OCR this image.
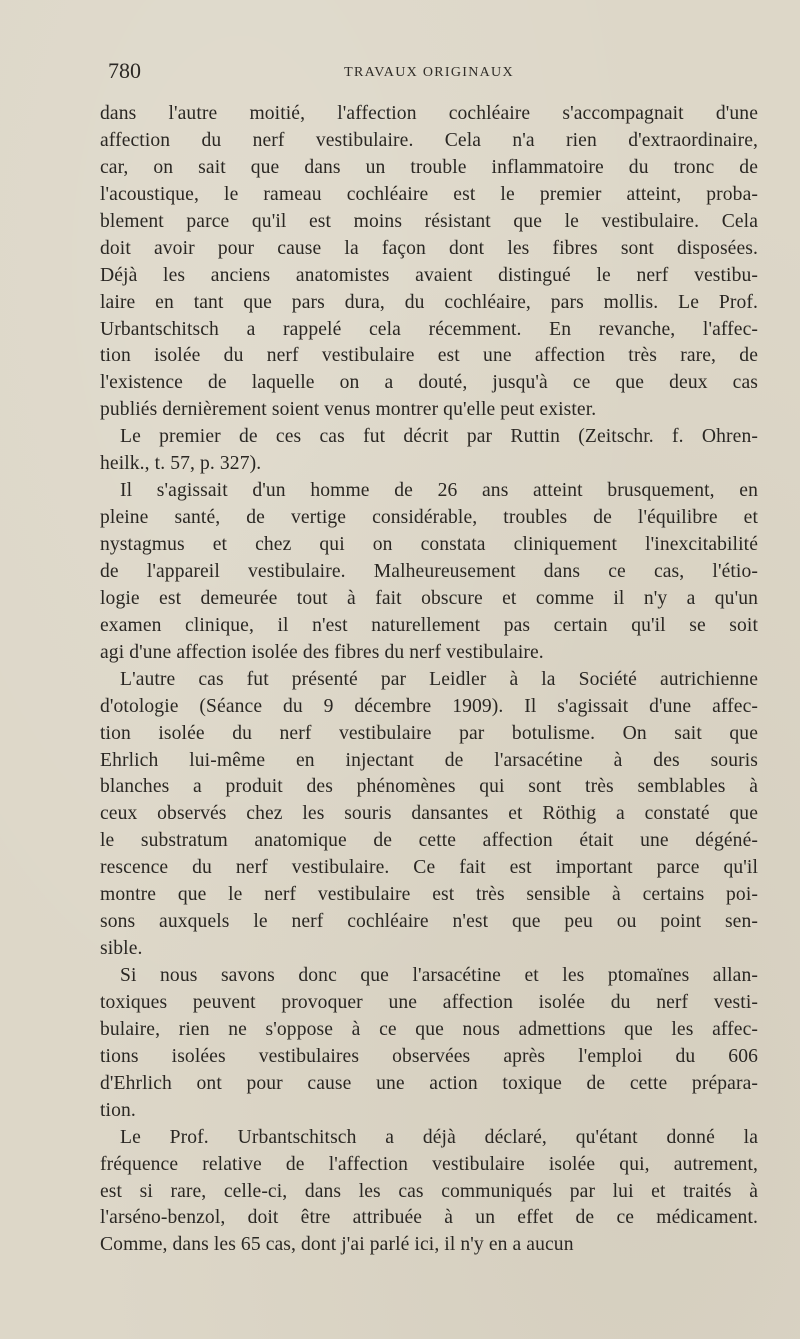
780	TRAVAUX ORIGINAUX

dans l'autre moitié, l'affection cochléaire s'accompagnait d'une
affection du nerf vestibulaire. Cela n'a rien d'extraordinaire,
car, on sait que dans un trouble inflammatoire du tronc de
l'acoustique, le rameau cochléaire est le premier atteint, proba-
blement parce qu'il est moins résistant que le vestibulaire. Cela
doit avoir pour cause la façon dont les fibres sont disposées.
Déjà les anciens anatomistes avaient distingué le nerf vestibu-
laire en tant que pars dura, du cochléaire, pars mollis. Le Prof.
Urbantschitsch a rappelé cela récemment. En revanche, l'affec-
tion isolée du nerf vestibulaire est une affection très rare, de
l'existence de laquelle on a douté, jusqu'à ce que deux cas
publiés dernièrement soient venus montrer qu'elle peut exister.

Le premier de ces cas fut décrit par Ruttin (Zeitschr. f. Ohren-
heilk., t. 57, p. 327).

Il s'agissait d'un homme de 26 ans atteint brusquement, en
pleine santé, de vertige considérable, troubles de l'équilibre et
nystagmus et chez qui on constata cliniquement l'inexcitabilité
de l'appareil vestibulaire. Malheureusement dans ce cas, l'étio-
logie est demeurée tout à fait obscure et comme il n'y a qu'un
examen clinique, il n'est naturellement pas certain qu'il se soit
agi d'une affection isolée des fibres du nerf vestibulaire.

L'autre cas fut présenté par Leidler à la Société autrichienne
d'otologie (Séance du 9 décembre 1909). Il s'agissait d'une affec-
tion isolée du nerf vestibulaire par botulisme. On sait que
Ehrlich lui-même en injectant de l'arsacétine à des souris
blanches a produit des phénomènes qui sont très semblables à
ceux observés chez les souris dansantes et Röthig a constaté que
le substratum anatomique de cette affection était une dégéné-
rescence du nerf vestibulaire. Ce fait est important parce qu'il
montre que le nerf vestibulaire est très sensible à certains poi-
sons auxquels le nerf cochléaire n'est que peu ou point sen-
sible.

Si nous savons donc que l'arsacétine et les ptomaïnes allan-
toxiques peuvent provoquer une affection isolée du nerf vesti-
bulaire, rien ne s'oppose à ce que nous admettions que les affec-
tions isolées vestibulaires observées après l'emploi du 606
d'Ehrlich ont pour cause une action toxique de cette prépara-
tion.

Le Prof. Urbantschitsch a déjà déclaré, qu'étant donné la
fréquence relative de l'affection vestibulaire isolée qui, autrement,
est si rare, celle-ci, dans les cas communiqués par lui et traités à
l'arséno-benzol, doit être attribuée à un effet de ce médicament.
Comme, dans les 65 cas, dont j'ai parlé ici, il n'y en a aucun
